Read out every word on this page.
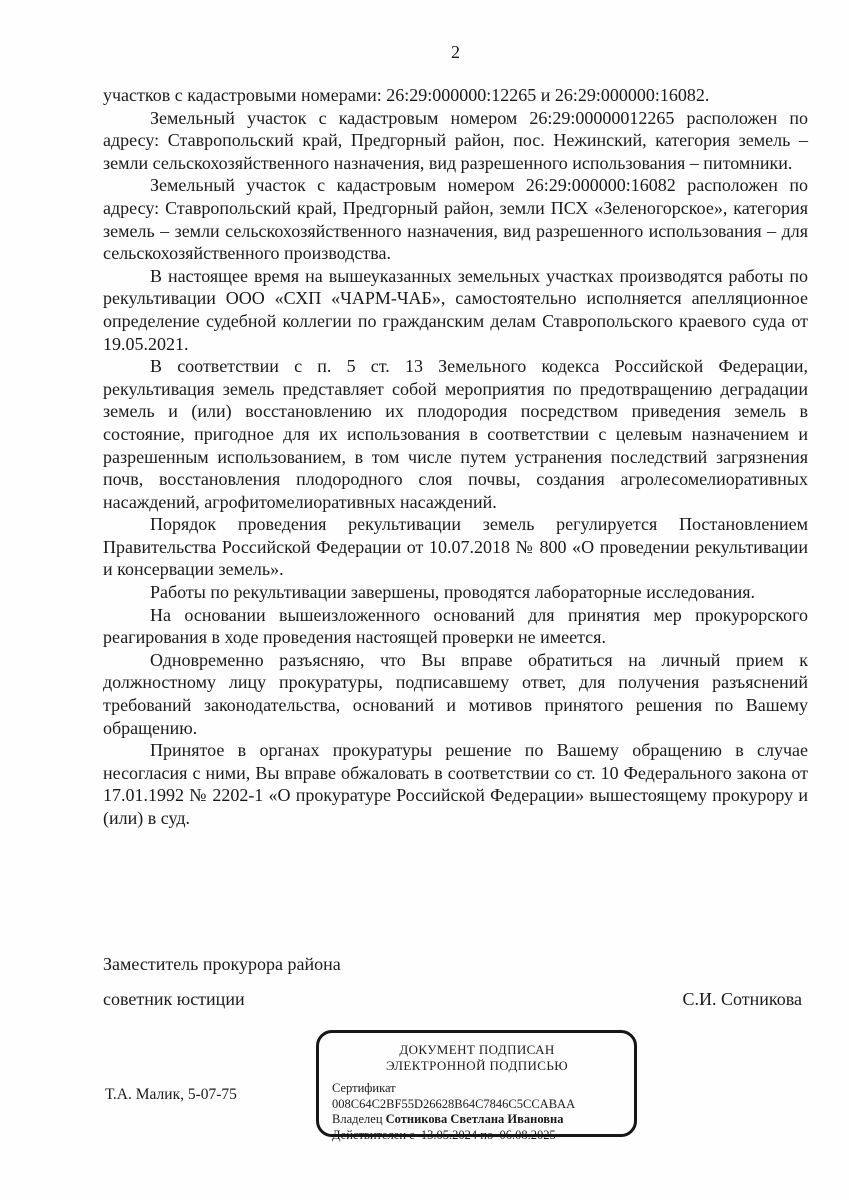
2

участков с кадастровыми номерами: 26:29:000000:12265 и 26:29:000000:16082.

Земельный участок с кадастровым номером 26:29:00000012265 расположен по адресу: Ставропольский край, Предгорный район, пос. Нежинский, категория земель – земли сельскохозяйственного назначения, вид разрешенного использования – питомники.

Земельный участок с кадастровым номером 26:29:000000:16082 расположен по адресу: Ставропольский край, Предгорный район, земли ПСХ «Зеленогорское», категория земель – земли сельскохозяйственного назначения, вид разрешенного использования – для сельскохозяйственного производства.

В настоящее время на вышеуказанных земельных участках производятся работы по рекультивации ООО «СХП «ЧАРМ-ЧАБ», самостоятельно исполняется апелляционное определение судебной коллегии по гражданским делам Ставропольского краевого суда от 19.05.2021.

В соответствии с п. 5 ст. 13 Земельного кодекса Российской Федерации, рекультивация земель представляет собой мероприятия по предотвращению деградации земель и (или) восстановлению их плодородия посредством приведения земель в состояние, пригодное для их использования в соответствии с целевым назначением и разрешенным использованием, в том числе путем устранения последствий загрязнения почв, восстановления плодородного слоя почвы, создания агролесомелиоративных насаждений, агрофитомелиоративных насаждений.

Порядок проведения рекультивации земель регулируется Постановлением Правительства Российской Федерации от 10.07.2018 № 800 «О проведении рекультивации и консервации земель».

Работы по рекультивации завершены, проводятся лабораторные исследования.

На основании вышеизложенного оснований для принятия мер прокурорского реагирования в ходе проведения настоящей проверки не имеется.

Одновременно разъясняю, что Вы вправе обратиться на личный прием к должностному лицу прокуратуры, подписавшему ответ, для получения разъяснений требований законодательства, оснований и мотивов принятого решения по Вашему обращению.

Принятое в органах прокуратуры решение по Вашему обращению в случае несогласия с ними, Вы вправе обжаловать в соответствии со ст. 10 Федерального закона от 17.01.1992 № 2202-1 «О прокуратуре Российской Федерации» вышестоящему прокурору и (или) в суд.

Заместитель прокурора района
советник юстиции	С.И. Сотникова
Т.А. Малик, 5-07-75
ДОКУМЕНТ ПОДПИСАН
ЭЛЕКТРОННОЙ ПОДПИСЬЮ
Сертификат 008C64C2BF55D26628B64C7846C5CCABAA
Владелец Сотникова Светлана Ивановна
Действителен с  13.05.2024 по  06.08.2025
